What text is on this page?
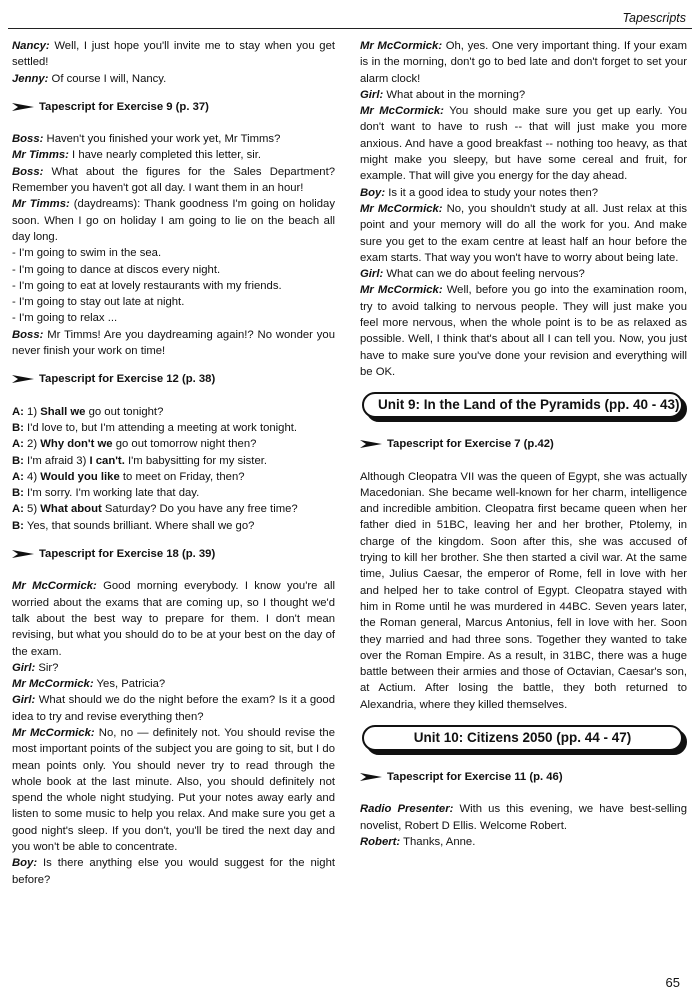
Tapescripts

Nancy: Well, I just hope you'll invite me to stay when you get settled!

Jenny: Of course I will, Nancy.

Tapescript for Exercise 9 (p. 37)

Boss: Haven't you finished your work yet, Mr Timms?

Mr Timms: I have nearly completed this letter, sir.

Boss: What about the figures for the Sales Department? Remember you haven't got all day. I want them in an hour!

Mr Timms: (daydreams): Thank goodness I'm going on holiday soon. When I go on holiday I am going to lie on the beach all day long.

- I'm going to swim in the sea.

- I'm going to dance at discos every night.

- I'm going to eat at lovely restaurants with my friends.

- I'm going to stay out late at night.

- I'm going to relax ...

Boss: Mr Timms! Are you daydreaming again!? No wonder you never finish your work on time!

Tapescript for Exercise 12 (p. 38)

A: 1) Shall we go out tonight?

B: I'd love to, but I'm attending a meeting at work tonight.

A: 2) Why don't we go out tomorrow night then?

B: I'm afraid 3) I can't. I'm babysitting for my sister.

A: 4) Would you like to meet on Friday, then?

B: I'm sorry. I'm working late that day.

A: 5) What about Saturday? Do you have any free time?

B: Yes, that sounds brilliant. Where shall we go?

Tapescript for Exercise 18 (p. 39)

Mr McCormick: Good morning everybody. I know you're all worried about the exams that are coming up, so I thought we'd talk about the best way to prepare for them. I don't mean revising, but what you should do to be at your best on the day of the exam.

Girl: Sir?

Mr McCormick: Yes, Patricia?

Girl: What should we do the night before the exam? Is it a good idea to try and revise everything then?

Mr McCormick: No, no — definitely not. You should revise the most important points of the subject you are going to sit, but I do mean points only. You should never try to read through the whole book at the last minute. Also, you should definitely not spend the whole night studying. Put your notes away early and listen to some music to help you relax. And make sure you get a good night's sleep. If you don't, you'll be tired the next day and you won't be able to concentrate.

Boy: Is there anything else you would suggest for the night before?

Mr McCormick: Oh, yes. One very important thing. If your exam is in the morning, don't go to bed late and don't forget to set your alarm clock!

Girl: What about in the morning?

Mr McCormick: You should make sure you get up early. You don't want to have to rush -- that will just make you more anxious. And have a good breakfast -- nothing too heavy, as that might make you sleepy, but have some cereal and fruit, for example. That will give you energy for the day ahead.

Boy: Is it a good idea to study your notes then?

Mr McCormick: No, you shouldn't study at all. Just relax at this point and your memory will do all the work for you. And make sure you get to the exam centre at least half an hour before the exam starts. That way you won't have to worry about being late.

Girl: What can we do about feeling nervous?

Mr McCormick: Well, before you go into the examination room, try to avoid talking to nervous people. They will just make you feel more nervous, when the whole point is to be as relaxed as possible. Well, I think that's about all I can tell you. Now, you just have to make sure you've done your revision and everything will be OK.

Unit 9: In the Land of the Pyramids (pp. 40 - 43)

Tapescript for Exercise 7 (p.42)

Although Cleopatra VII was the queen of Egypt, she was actually Macedonian. She became well-known for her charm, intelligence and incredible ambition. Cleopatra first became queen when her father died in 51BC, leaving her and her brother, Ptolemy, in charge of the kingdom. Soon after this, she was accused of trying to kill her brother. She then started a civil war. At the same time, Julius Caesar, the emperor of Rome, fell in love with her and helped her to take control of Egypt. Cleopatra stayed with him in Rome until he was murdered in 44BC. Seven years later, the Roman general, Marcus Antonius, fell in love with her. Soon they married and had three sons. Together they wanted to take over the Roman Empire. As a result, in 31BC, there was a huge battle between their armies and those of Octavian, Caesar's son, at Actium. After losing the battle, they both returned to Alexandria, where they killed themselves.

Unit 10: Citizens 2050 (pp. 44 - 47)

Tapescript for Exercise 11 (p. 46)

Radio Presenter: With us this evening, we have best-selling novelist, Robert D Ellis. Welcome Robert.

Robert: Thanks, Anne.

65
